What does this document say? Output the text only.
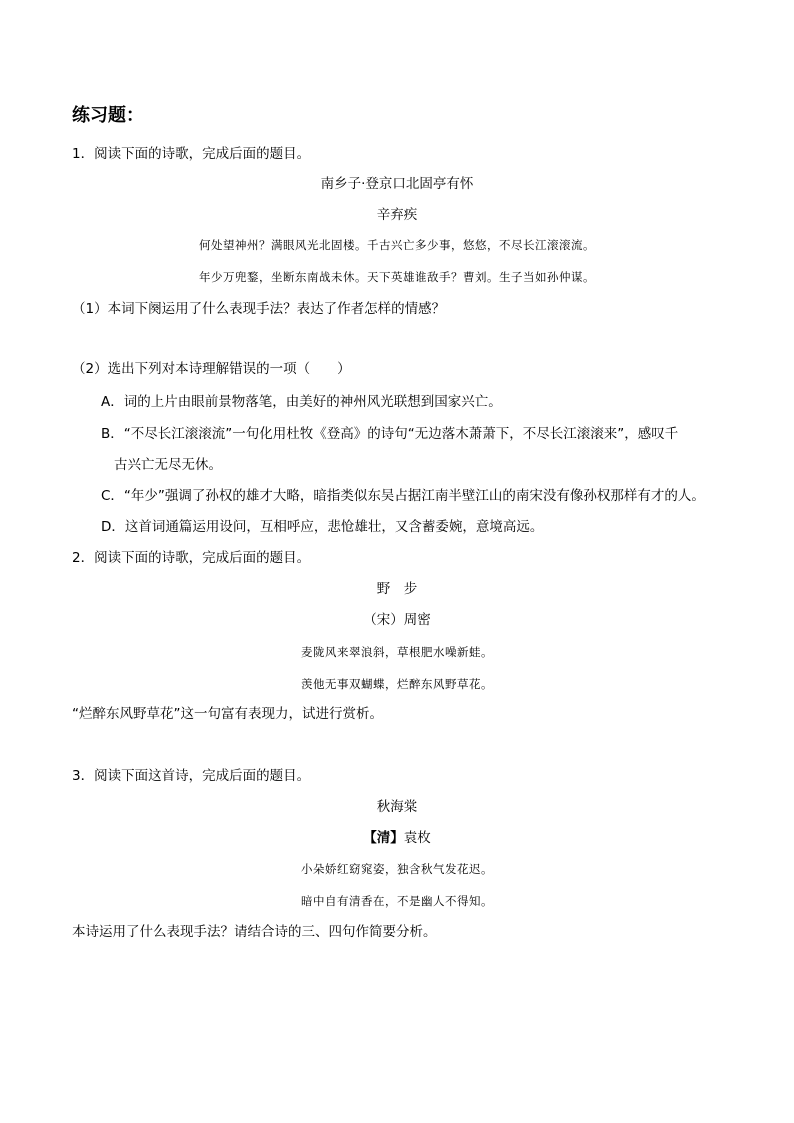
练习题：
1．阅读下面的诗歌，完成后面的题目。
南乡子·登京口北固亭有怀
辛弃疾
何处望神州？满眼风光北固楼。千古兴亡多少事，悠悠，不尽长江滚滚流。
年少万兜鍪，坐断东南战未休。天下英雄谁敌手？曹刘。生子当如孙仲谋。
（1）本词下阕运用了什么表现手法？表达了作者怎样的情感？
（2）选出下列对本诗理解错误的一项（　　）
A．词的上片由眼前景物落笔，由美好的神州风光联想到国家兴亡。
B．“不尽长江滚滚流”一句化用杜牧《登高》的诗句“无边落木萧萧下，不尽长江滚滚来”，感叹千
古兴亡无尽无休。
C．“年少”强调了孙权的雄才大略，暗指类似东吴占据江南半壁江山的南宋没有像孙权那样有才的人。
D．这首词通篇运用设问，互相呼应，悲怆雄壮，又含蓄委婉，意境高远。
2．阅读下面的诗歌，完成后面的题目。
野　步
（宋）周密
麦陇风来翠浪斜，草根肥水噪新蛙。
羡他无事双蝴蝶，烂醉东风野草花。
“烂醉东风野草花”这一句富有表现力，试进行赏析。
3．阅读下面这首诗，完成后面的题目。
秋海棠
【清】袁枚
小朵娇红窈窕姿，独含秋气发花迟。
暗中自有清香在，不是幽人不得知。
本诗运用了什么表现手法？请结合诗的三、四句作简要分析。
